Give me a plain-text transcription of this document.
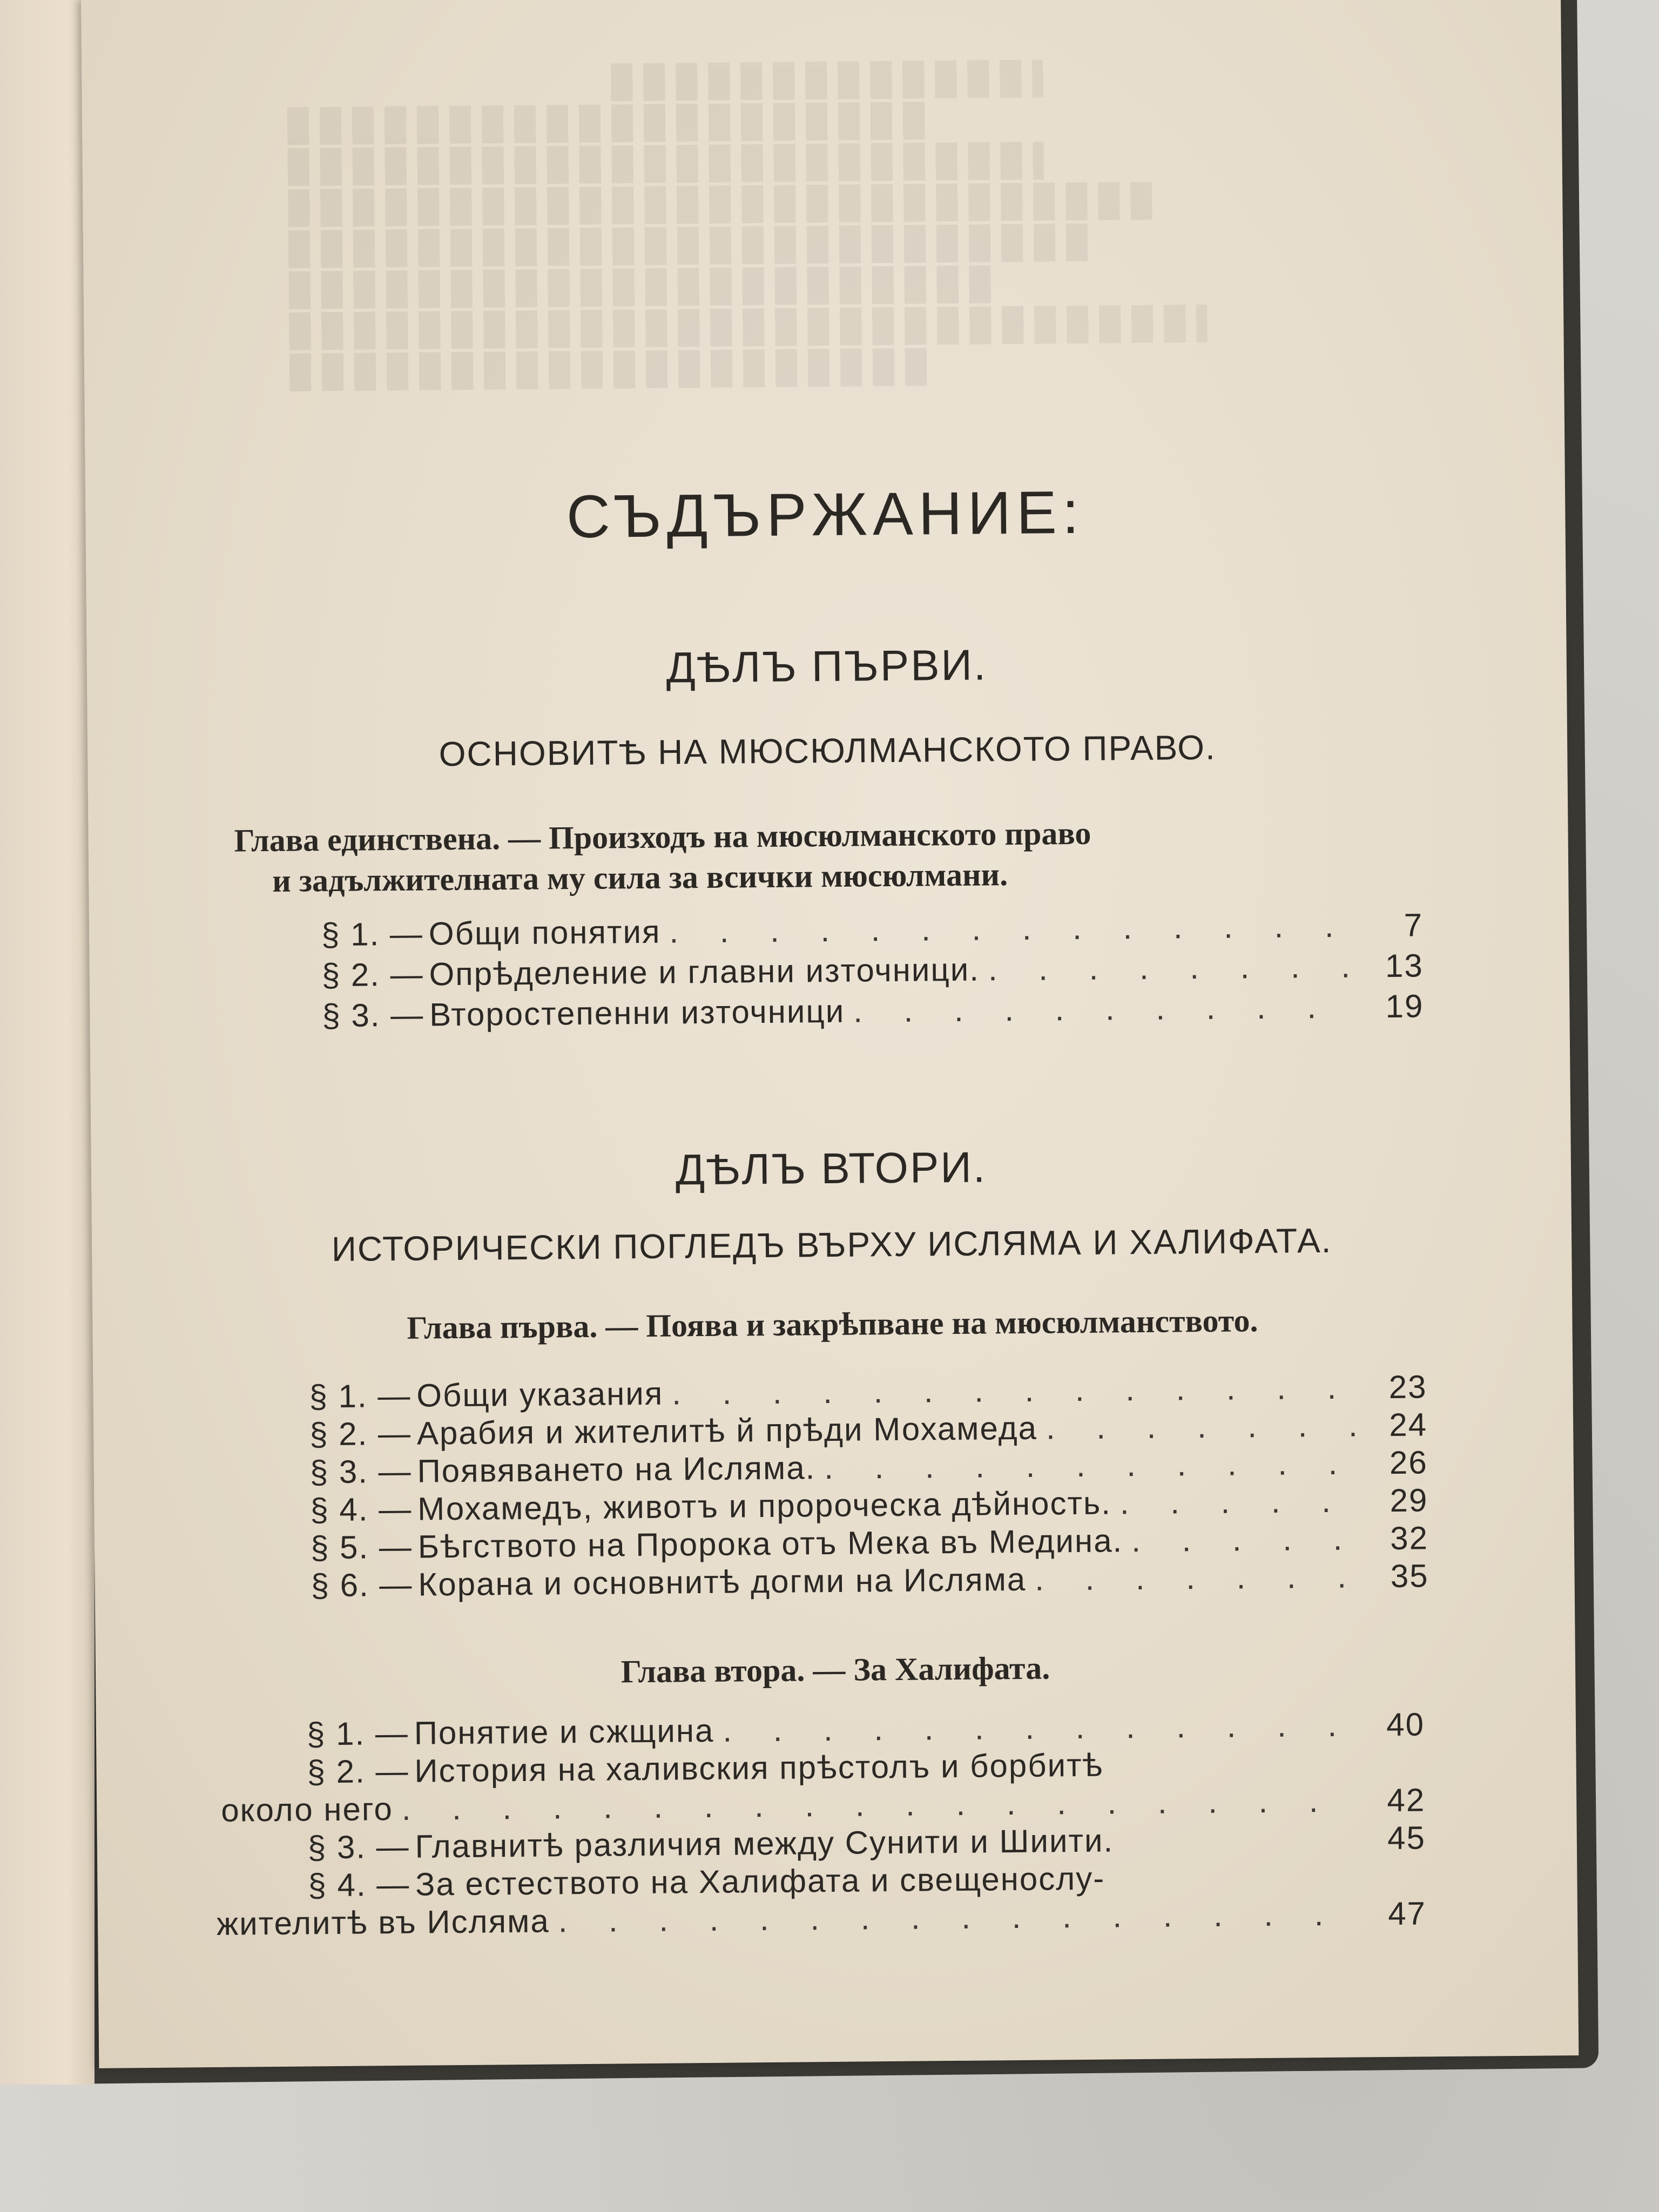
СЪДЪРЖАНИЕ:
ДѢЛЪ ПЪРВИ.
ОСНОВИТѢ НА МЮСЮЛМАНСКОТО ПРАВО.
Глава единствена. — Произходъ на мюсюлманското право
и задължителната му сила за всички мюсюлмани.
§ 1. — Общи понятия . . .	7
§ 2. — Опрѣделение и главни източници. . . .	13
§ 3. — Второстепенни източници . . .	19
ДѢЛЪ ВТОРИ.
ИСТОРИЧЕСКИ ПОГЛЕДЪ ВЪРХУ ИСЛЯМА И ХАЛИФАТА.
Глава първа. — Поява и закрѣпване на мюсюлманството.
§ 1. — Общи указания . . .	23
§ 2. — Арабия и жителитѣ й прѣди Мохамеда . . .	24
§ 3. — Появяването на Исляма. . . .	26
§ 4. — Мохамедъ, животъ и пророческа дѣйность. . . .	29
§ 5. — Бѣгството на Пророка отъ Мека въ Медина. . . .	32
§ 6. — Корана и основнитѣ догми на Исляма . . .	35
Глава втора. — За Халифата.
§ 1. — Понятие и сжщина . . .	40
§ 2. — История на халивския прѣстолъ и борбитѣ
около него . . .	42
§ 3. — Главнитѣ различия между Сунити и Шиити.	45
§ 4. — За естеството на Халифата и свещенослу-
жителитѣ въ Исляма . . .	47
